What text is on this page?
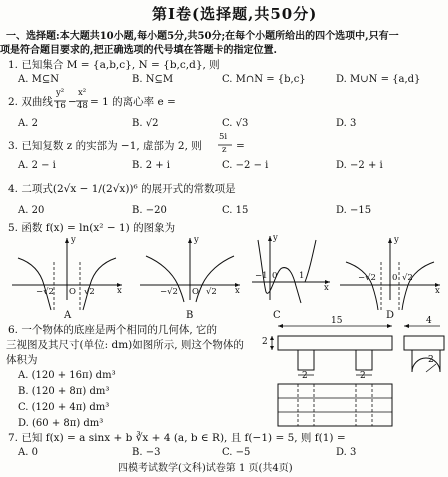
第Ⅰ卷(选择题,共50分)
一、选择题:本大题共10小题,每小题5分,共50分;在每个小题所给出的四个选项中,只有一
项是符合题目要求的,把正确选项的代号填在答题卡的指定位置.
1. 已知集合 M = {a,b,c}, N = {b,c,d}, 则
A. M⊆N	B. N⊆M	C. M∩N = {b,c}	D. M∪N = {a,d}
2. 双曲线
y²
16 −
x²
48 = 1 的离心率 e =
A. 2	B. √2	C. √3	D. 3
3. 已知复数 z 的实部为 −1, 虚部为 2, 则
5i
z =
A. 2 − i	B. 2 + i	C. −2 − i	D. −2 + i
4. 二项式(2√x − 1/(2√x))⁶ 的展开式的常数项是
A. 20	B. −20	C. 15	D. −15
5. 函数 f(x) = ln(x² − 1) 的图象为
y
x
−√2 O √2
A
y
x
−√2 O √2
B
y
x
−1 0	1
C
y
x
−√2 0 √2
D
6. 一个物体的底座是两个相同的几何体, 它的
三视图及其尺寸(单位: dm)如图所示, 则这个物体的
体积为
A. (120 + 16π) dm³
B. (120 + 8π) dm³
C. (120 + 4π) dm³
D. (60 + 8π) dm³
15	4
2
2	2
2
7. 已知 f(x) = a sinx + b ∛x + 4 (a, b ∈ R), 且 f(−1) = 5, 则 f(1) =
A. 0	B. −3	C. −5	D. 3
四模考试数学(文科)试卷第 1 页(共4页)
